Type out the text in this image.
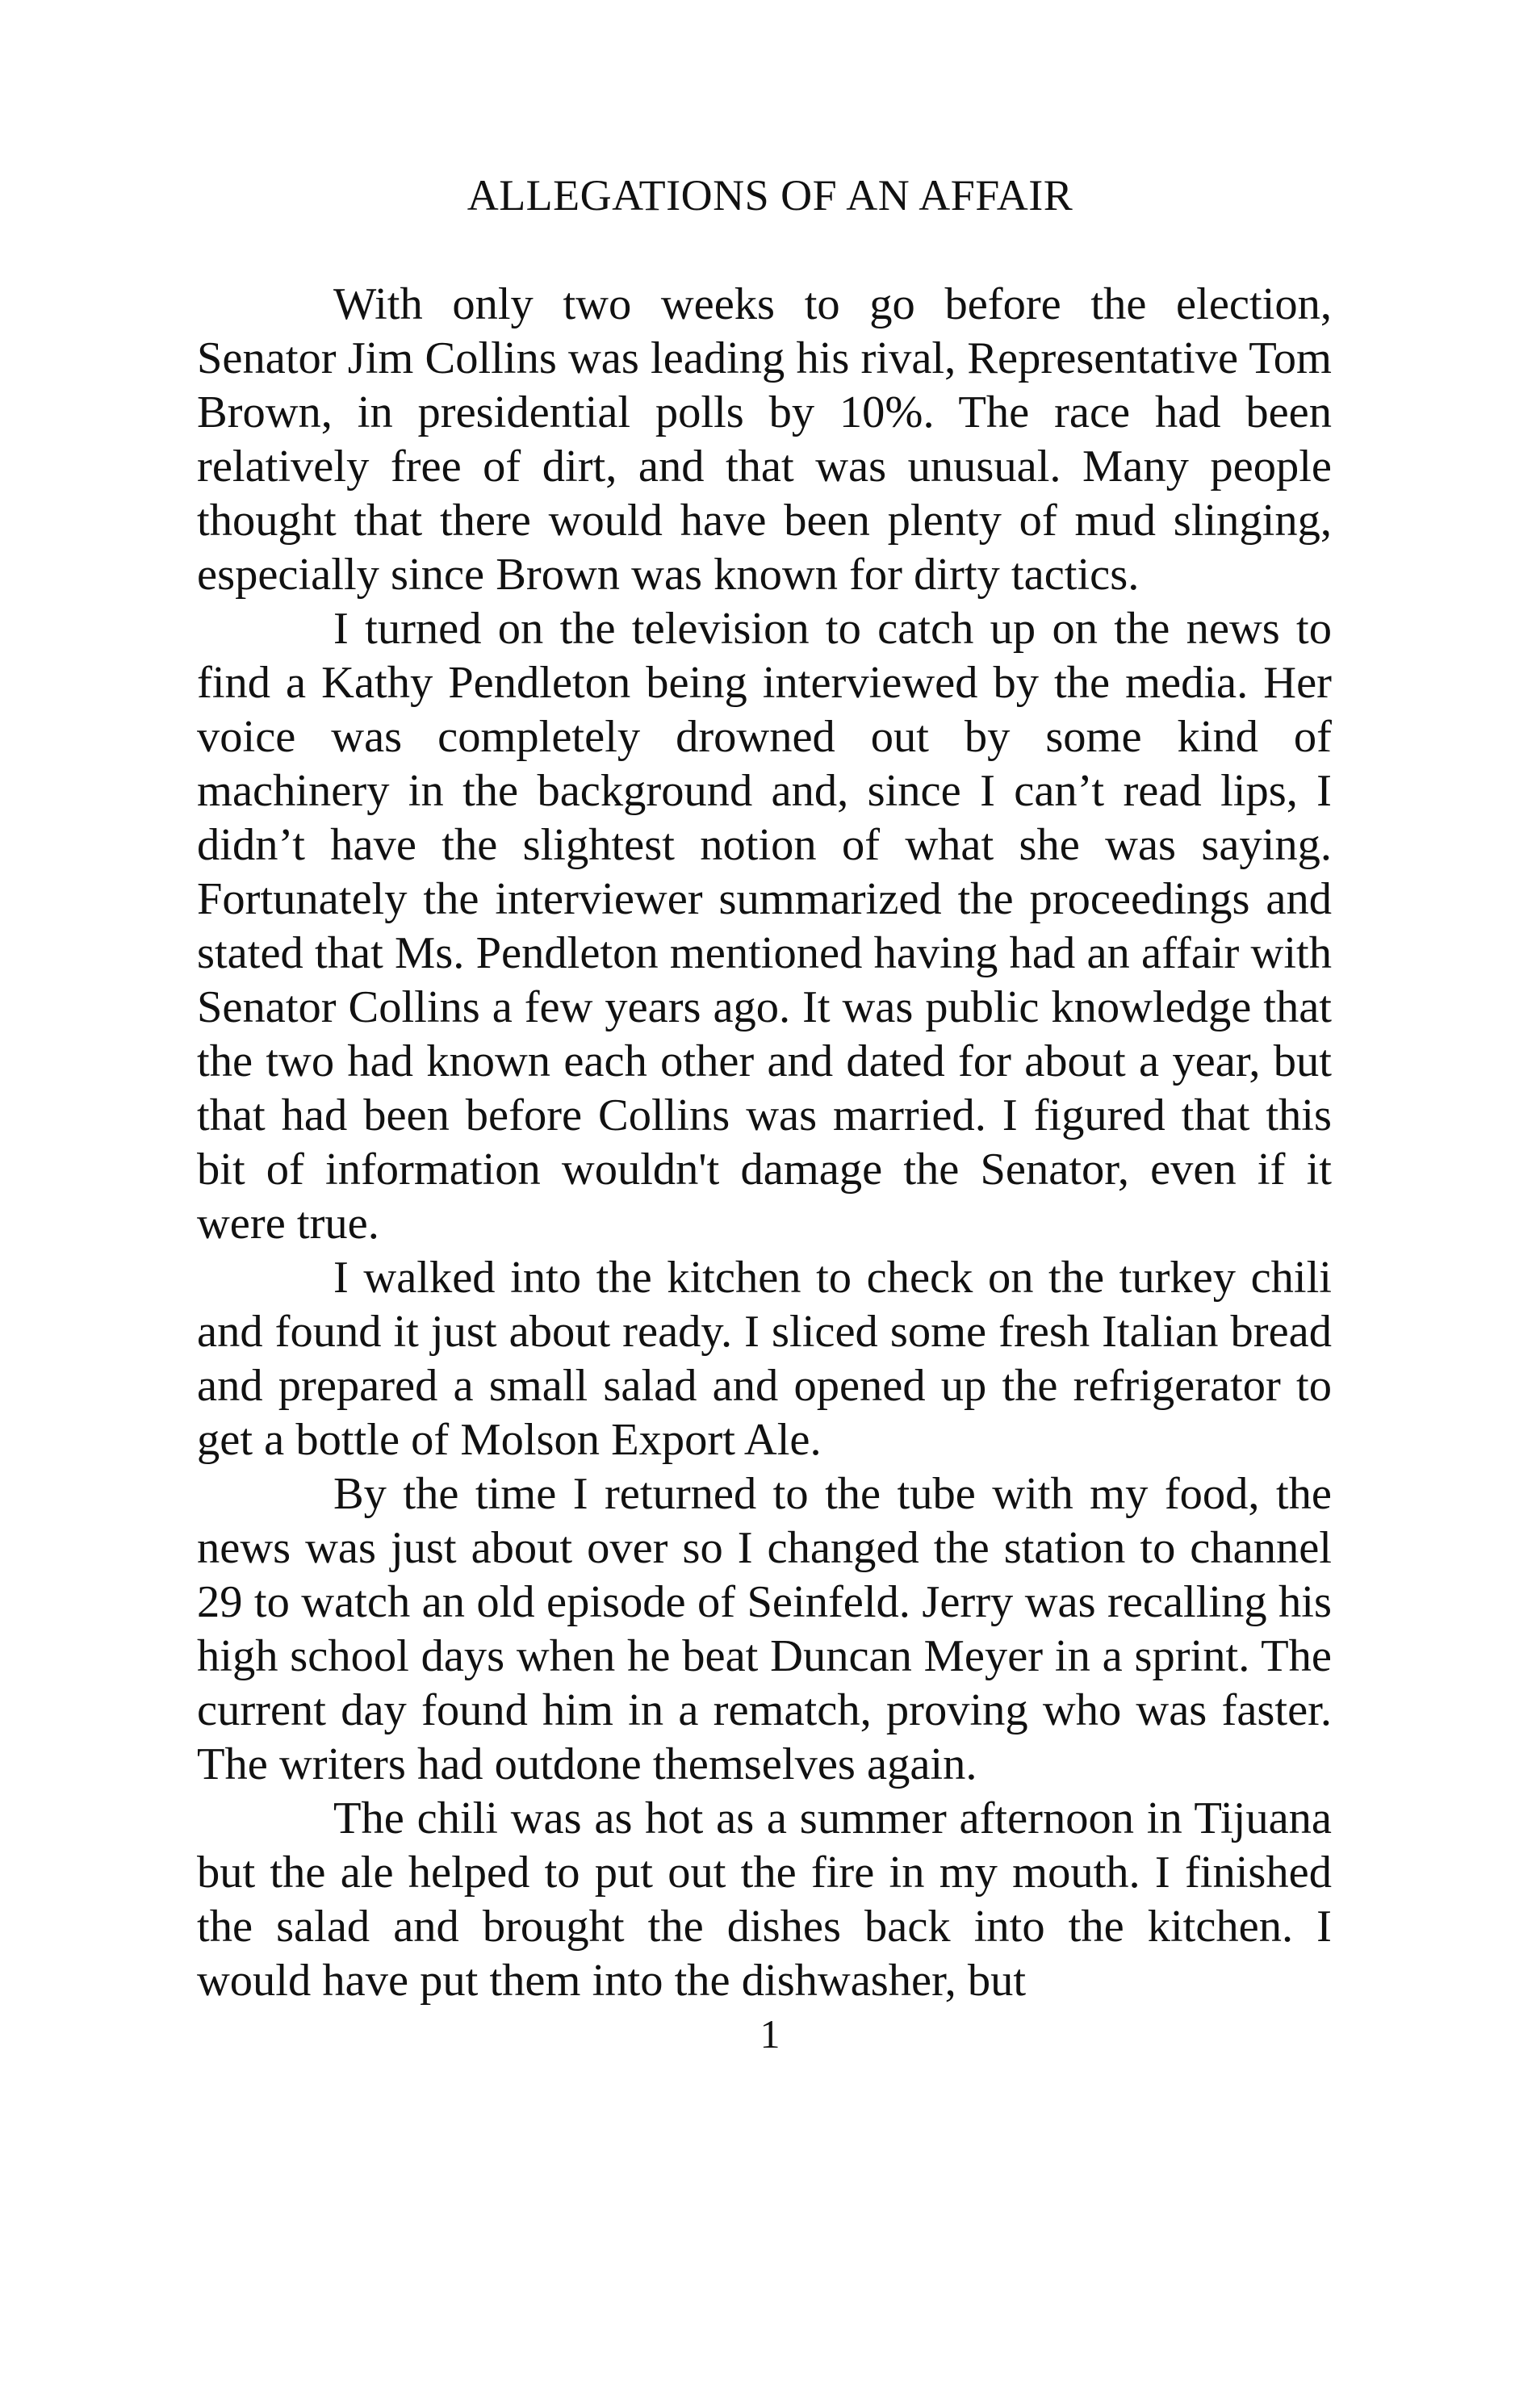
ALLEGATIONS OF AN AFFAIR

With only two weeks to go before the election, Senator Jim Collins was leading his rival, Representative Tom Brown, in presidential polls by 10%. The race had been relatively free of dirt, and that was unusual. Many people thought that there would have been plenty of mud slinging, especially since Brown was known for dirty tactics.

I turned on the television to catch up on the news to find a Kathy Pendleton being interviewed by the media. Her voice was completely drowned out by some kind of machinery in the background and, since I can’t read lips, I didn’t have the slightest notion of what she was saying. Fortunately the interviewer summarized the proceedings and stated that Ms. Pendleton mentioned having had an affair with Senator Collins a few years ago. It was public knowledge that the two had known each other and dated for about a year, but that had been before Collins was married. I figured that this bit of information wouldn't damage the Senator, even if it were true.

I walked into the kitchen to check on the turkey chili and found it just about ready. I sliced some fresh Italian bread and prepared a small salad and opened up the refrigerator to get a bottle of Molson Export Ale.

By the time I returned to the tube with my food, the news was just about over so I changed the station to channel 29 to watch an old episode of Seinfeld. Jerry was recalling his high school days when he beat Duncan Meyer in a sprint. The current day found him in a rematch, proving who was faster. The writers had outdone themselves again.

The chili was as hot as a summer afternoon in Tijuana but the ale helped to put out the fire in my mouth. I finished the salad and brought the dishes back into the kitchen. I would have put them into the dishwasher, but

1
